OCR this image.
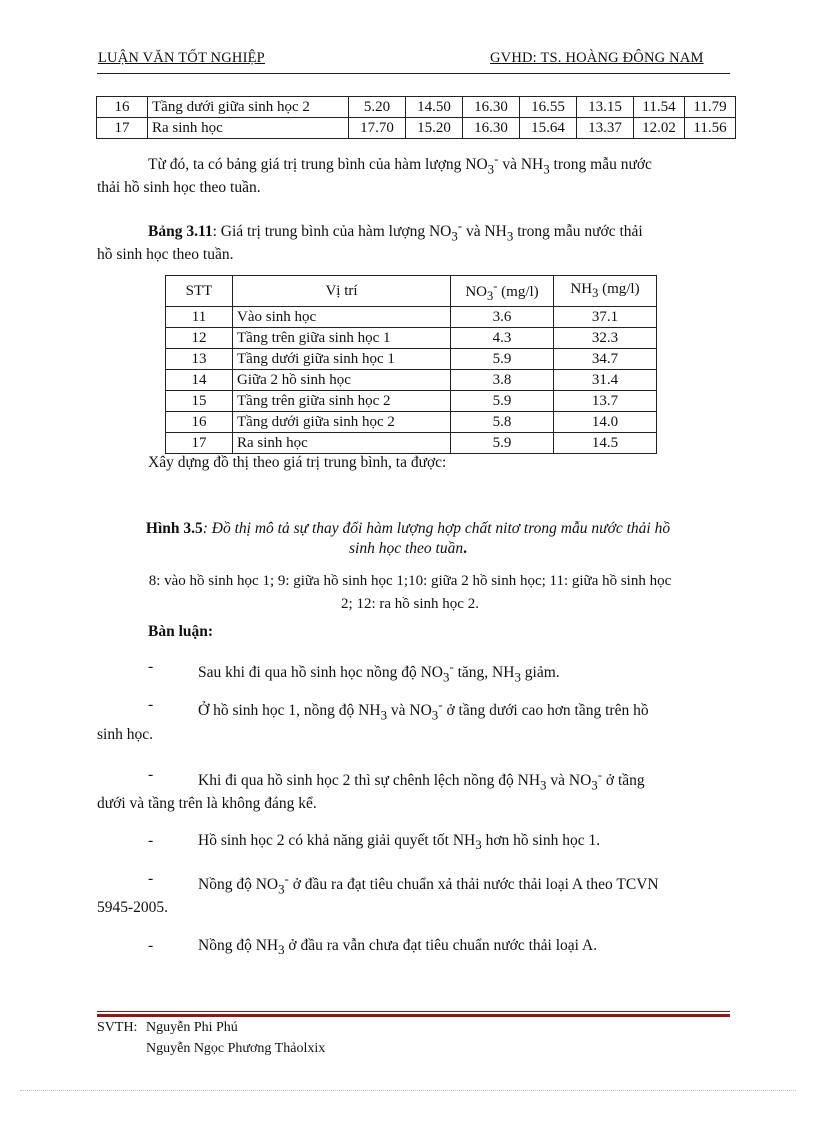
LUẬN VĂN TỐT NGHIỆP	GVHD: TS. HOÀNG ĐÔNG NAM
16	Tầng dưới giữa sinh học 2	5.20	14.50	16.30	16.55	13.15	11.54	11.79
17	Ra sinh học	17.70	15.20	16.30	15.64	13.37	12.02	11.56
Từ đó, ta có bảng giá trị trung bình của hàm lượng $NO_3^-$ và $NH_3$ trong mẫu nước
thải hồ sinh học theo tuần.
Bảng 3.11: Giá trị trung bình của hàm lượng $NO_3^-$ và $NH_3$ trong mẫu nước thải
hồ sinh học theo tuần.
STT	Vị trí	$NO_3^-$ (mg/l)	$NH_3$ (mg/l)
11	Vào sinh học	3.6	37.1
12	Tầng trên giữa sinh học 1	4.3	32.3
13	Tầng dưới giữa sinh học 1	5.9	34.7
14	Giữa 2 hồ sinh học	3.8	31.4
15	Tầng trên giữa sinh học 2	5.9	13.7
16	Tầng dưới giữa sinh học 2	5.8	14.0
17	Ra sinh học	5.9	14.5
Xây dựng đồ thị theo giá trị trung bình, ta được:
Hình 3.5: Đồ thị mô tả sự thay đổi hàm lượng hợp chất nitơ trong mẫu nước thải hồ
sinh học theo tuần.
8: vào hồ sinh học 1; 9: giữa hồ sinh học 1;10: giữa 2 hồ sinh học; 11: giữa hồ sinh học
2; 12: ra hồ sinh học 2.
Bàn luận:
-	Sau khi đi qua hồ sinh học nồng độ $NO_3^-$ tăng, $NH_3$ giảm.
-	Ở hồ sinh học 1, nồng độ $NH_3$ và $NO_3^-$ ở tầng dưới cao hơn tầng trên hồ
sinh học.
-	Khi đi qua hồ sinh học 2 thì sự chênh lệch nồng độ $NH_3$ và $NO_3^-$ ở tầng
dưới và tầng trên là không đáng kể.
-	Hồ sinh học 2 có khả năng giải quyết tốt $NH_3$ hơn hồ sinh học 1.
-	Nồng độ $NO_3^-$ ở đầu ra đạt tiêu chuẩn xả thải nước thải loại A theo TCVN
5945-2005.
-	Nồng độ $NH_3$ ở đầu ra vẫn chưa đạt tiêu chuẩn nước thải loại A.
SVTH: Nguyễn Phi Phú
Nguyễn Ngọc Phương Thảolxix
